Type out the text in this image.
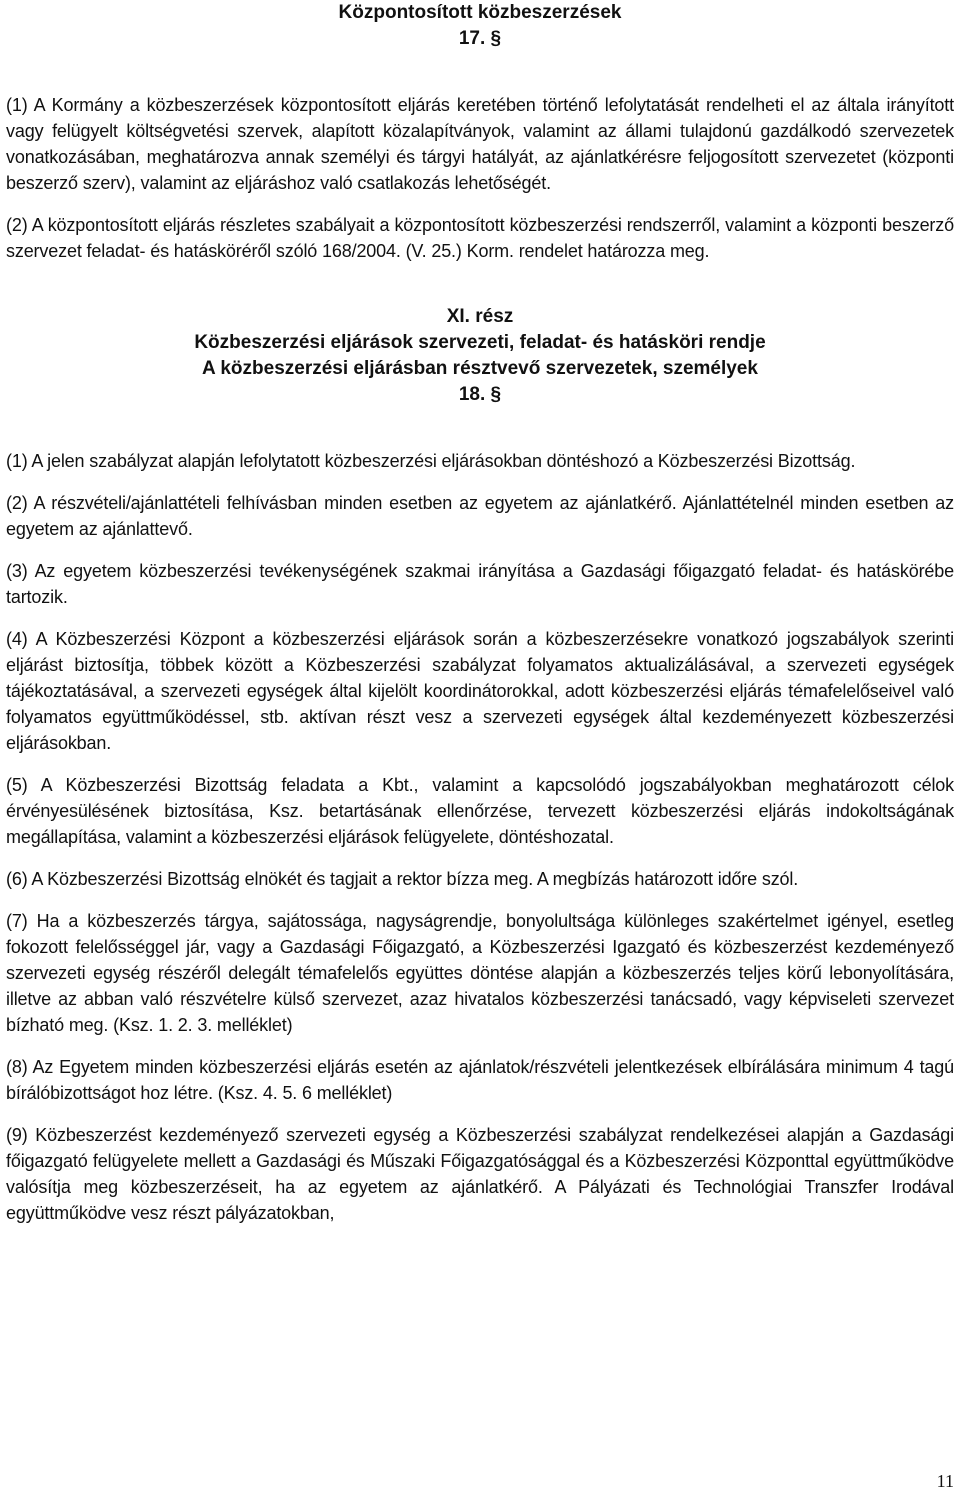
Központosított közbeszerzések
17. §

(1) A Kormány a közbeszerzések központosított eljárás keretében történő lefolytatását rendelheti el az általa irányított vagy felügyelt költségvetési szervek, alapított közalapítványok, valamint az állami tulajdonú gazdálkodó szervezetek vonatkozásában, meghatározva annak személyi és tárgyi hatályát, az ajánlatkérésre feljogosított szervezetet (központi beszerző szerv), valamint az eljáráshoz való csatlakozás lehetőségét.

(2) A központosított eljárás részletes szabályait a központosított közbeszerzési rendszerről, valamint a központi beszerző szervezet feladat- és hatásköréről szóló 168/2004. (V. 25.) Korm. rendelet határozza meg.

XI. rész
Közbeszerzési eljárások szervezeti, feladat- és hatásköri rendje
A közbeszerzési eljárásban résztvevő szervezetek, személyek
18. §

(1) A jelen szabályzat alapján lefolytatott közbeszerzési eljárásokban döntéshozó a Közbeszerzési Bizottság.

(2) A részvételi/ajánlattételi felhívásban minden esetben az egyetem az ajánlatkérő. Ajánlattételnél minden esetben az egyetem az ajánlattevő.

(3) Az egyetem közbeszerzési tevékenységének szakmai irányítása a Gazdasági főigazgató feladat- és hatáskörébe tartozik.

(4) A Közbeszerzési Központ a közbeszerzési eljárások során a közbeszerzésekre vonatkozó jogszabályok szerinti eljárást biztosítja, többek között a Közbeszerzési szabályzat folyamatos aktualizálásával, a szervezeti egységek tájékoztatásával, a szervezeti egységek által kijelölt koordinátorokkal, adott közbeszerzési eljárás témafelelőseivel való folyamatos együttműködéssel, stb. aktívan részt vesz a szervezeti egységek által kezdeményezett közbeszerzési eljárásokban.

(5) A Közbeszerzési Bizottság feladata a Kbt., valamint a kapcsolódó jogszabályokban meghatározott célok érvényesülésének biztosítása, Ksz. betartásának ellenőrzése, tervezett közbeszerzési eljárás indokoltságának megállapítása, valamint a közbeszerzési eljárások felügyelete, döntéshozatal.

(6) A Közbeszerzési Bizottság elnökét és tagjait a rektor bízza meg. A megbízás határozott időre szól.

(7) Ha a közbeszerzés tárgya, sajátossága, nagyságrendje, bonyolultsága különleges szakértelmet igényel, esetleg fokozott felelősséggel jár, vagy a Gazdasági Főigazgató, a Közbeszerzési Igazgató és közbeszerzést kezdeményező szervezeti egység részéről delegált témafelelős együttes döntése alapján a közbeszerzés teljes körű lebonyolítására, illetve az abban való részvételre külső szervezet, azaz hivatalos közbeszerzési tanácsadó, vagy képviseleti szervezet bízható meg. (Ksz. 1. 2. 3. melléklet)

(8) Az Egyetem minden közbeszerzési eljárás esetén az ajánlatok/részvételi jelentkezések elbírálására minimum 4 tagú bírálóbizottságot hoz létre. (Ksz. 4. 5. 6 melléklet)

(9) Közbeszerzést kezdeményező szervezeti egység a Közbeszerzési szabályzat rendelkezései alapján a Gazdasági főigazgató felügyelete mellett a Gazdasági és Műszaki Főigazgatósággal és a Közbeszerzési Központtal együttműködve valósítja meg közbeszerzéseit, ha az egyetem az ajánlatkérő. A Pályázati és Technológiai Transzfer Irodával együttműködve vesz részt pályázatokban,

11
